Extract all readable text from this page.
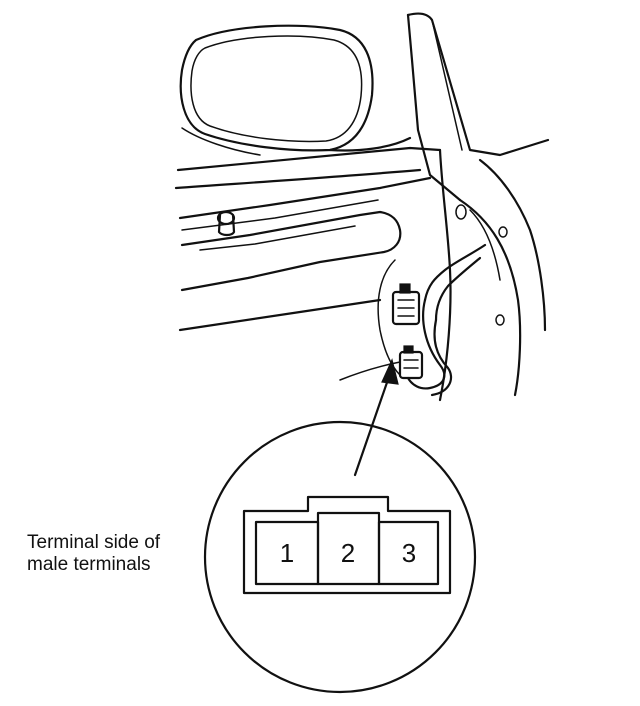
1 2 3
Terminal side of
male terminals
